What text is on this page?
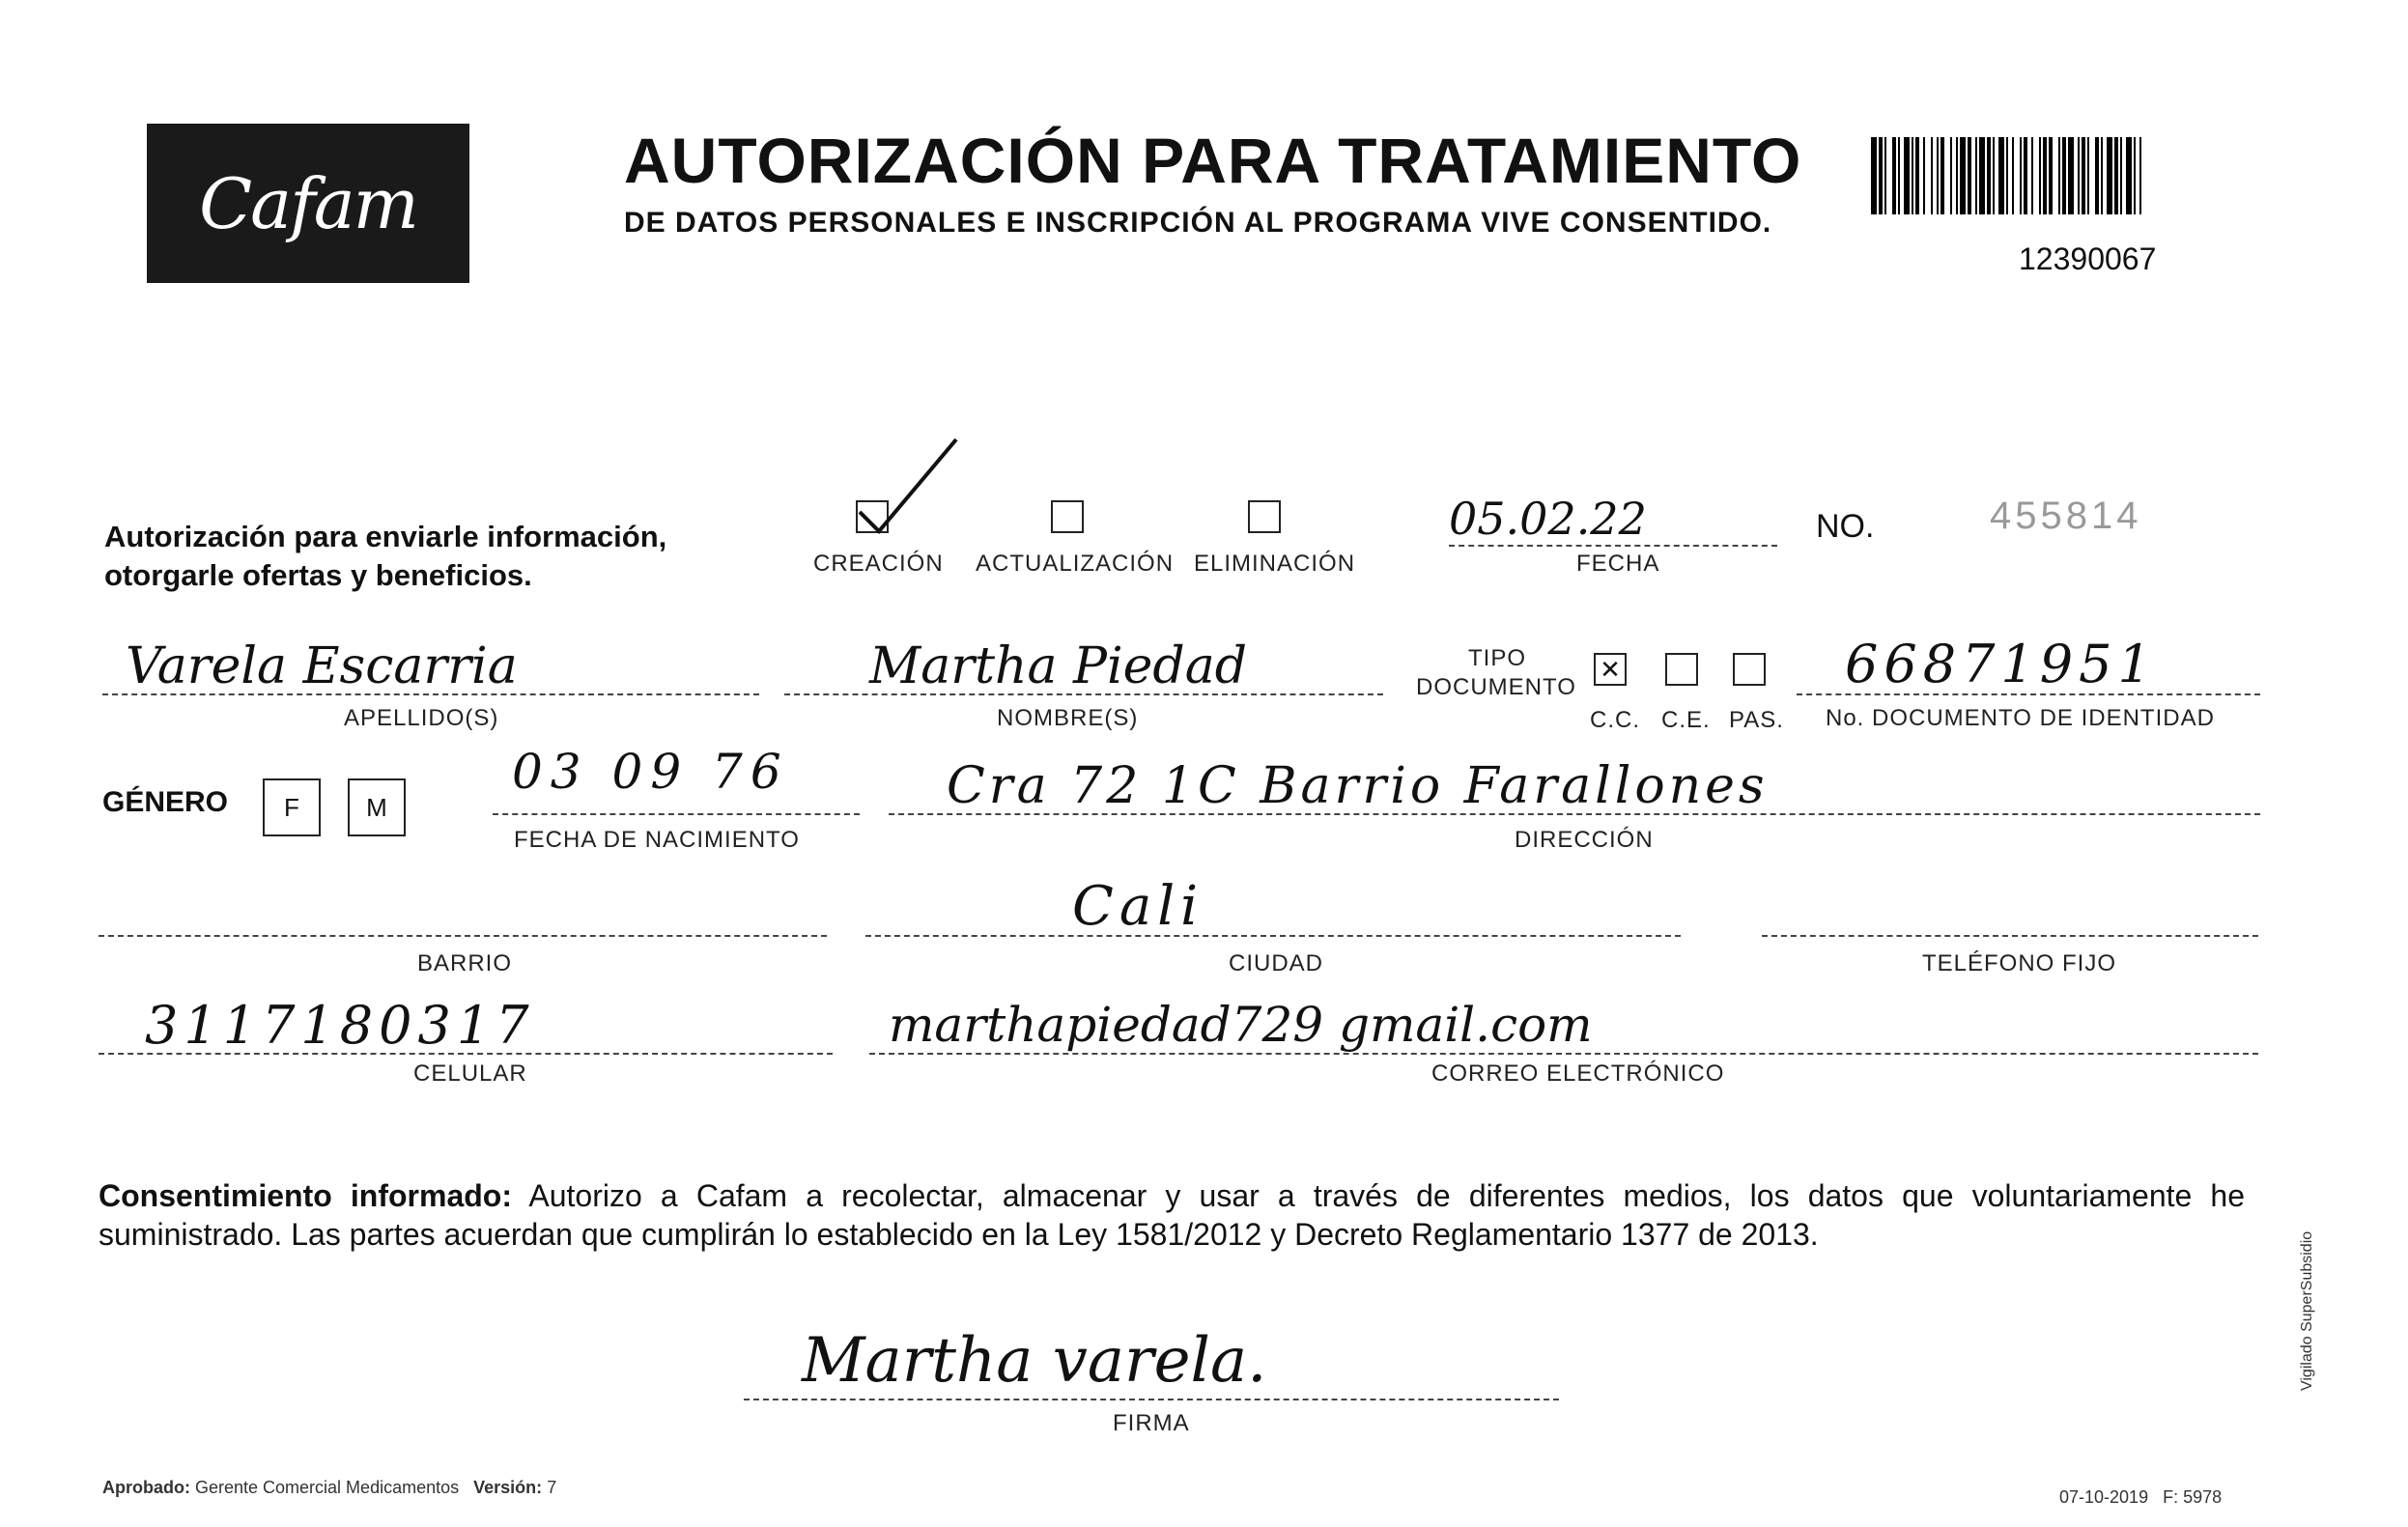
Cafam
AUTORIZACIÓN PARA TRATAMIENTO
DE DATOS PERSONALES E INSCRIPCIÓN AL PROGRAMA VIVE CONSENTIDO.
12390067
Autorización para enviarle información,
otorgarle ofertas y beneficios.	CREACIÓN ACTUALIZACIÓN ELIMINACIÓN
05.02.22
FECHA
NO.	455814
Varela Escarria
APELLIDO(S)
Martha Piedad
NOMBRE(S)
TIPO
DOCUMENTO
✕
C.C. C.E. PAS.
66871951
No. DOCUMENTO DE IDENTIDAD
GÉNERO	F	M
03 09 76
FECHA DE NACIMIENTO
Cra 72 1C Barrio Farallones
DIRECCIÓN
BARRIO
Cali
CIUDAD	TELÉFONO FIJO
3117180317
CELULAR
marthapiedad729 gmail.com
CORREO ELECTRÓNICO
Consentimiento informado: Autorizo a Cafam a recolectar, almacenar y usar a través de diferentes medios, los datos que voluntariamente he suministrado. Las partes acuerdan que cumplirán lo establecido en la Ley 1581/2012 y Decreto Reglamentario 1377 de 2013.
Martha varela.
FIRMA
Aprobado: Gerente Comercial Medicamentos Versión: 7	07-10-2019 F: 5978
Vigilado SuperSubsidio
